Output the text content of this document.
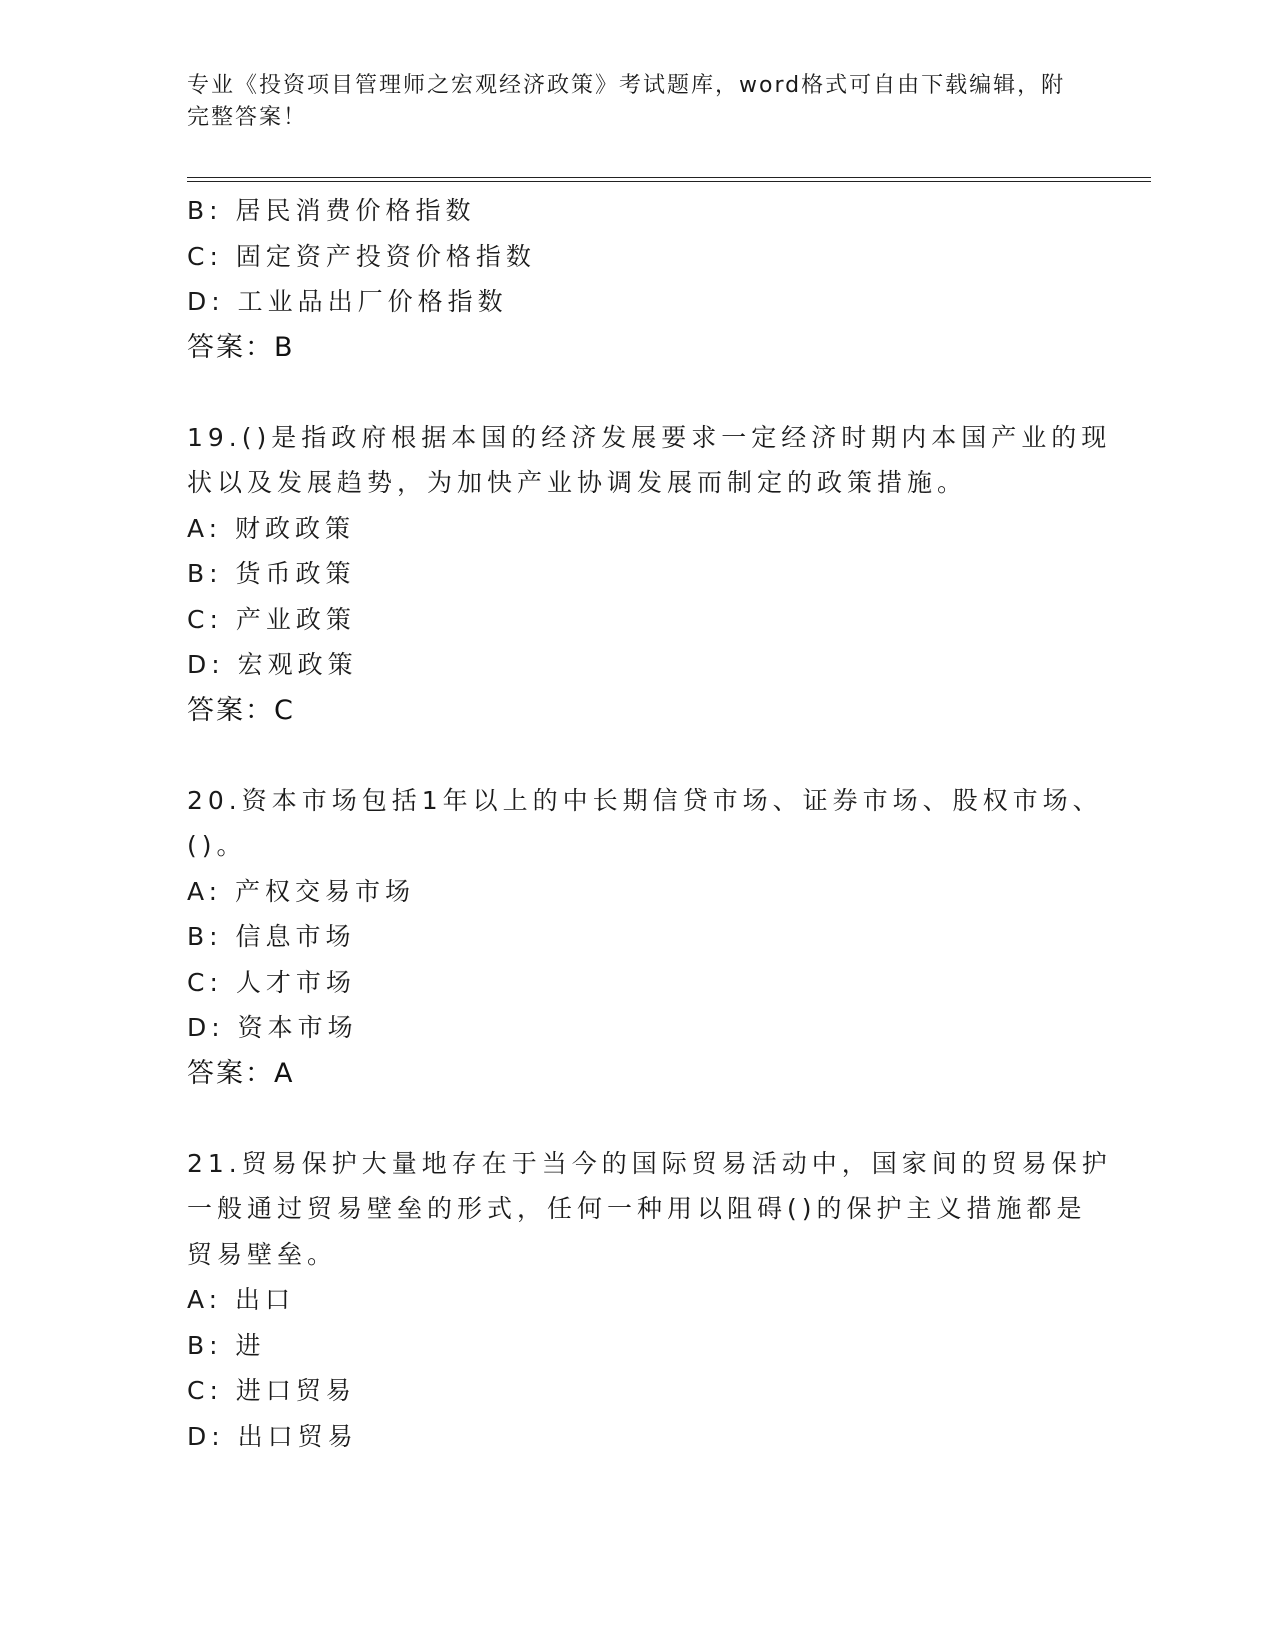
专业《投资项目管理师之宏观经济政策》考试题库，word格式可自由下载编辑，附完整答案！
B: 居民消费价格指数
C: 固定资产投资价格指数
D: 工业品出厂价格指数
答案：B
19.()是指政府根据本国的经济发展要求一定经济时期内本国产业的现
状以及发展趋势，为加快产业协调发展而制定的政策措施。
A: 财政政策
B: 货币政策
C: 产业政策
D: 宏观政策
答案：C
20.资本市场包括1年以上的中长期信贷市场、证券市场、股权市场、
()。
A: 产权交易市场
B: 信息市场
C: 人才市场
D: 资本市场
答案：A
21.贸易保护大量地存在于当今的国际贸易活动中，国家间的贸易保护
一般通过贸易壁垒的形式，任何一种用以阻碍()的保护主义措施都是
贸易壁垒。
A: 出口
B: 进
C: 进口贸易
D: 出口贸易
